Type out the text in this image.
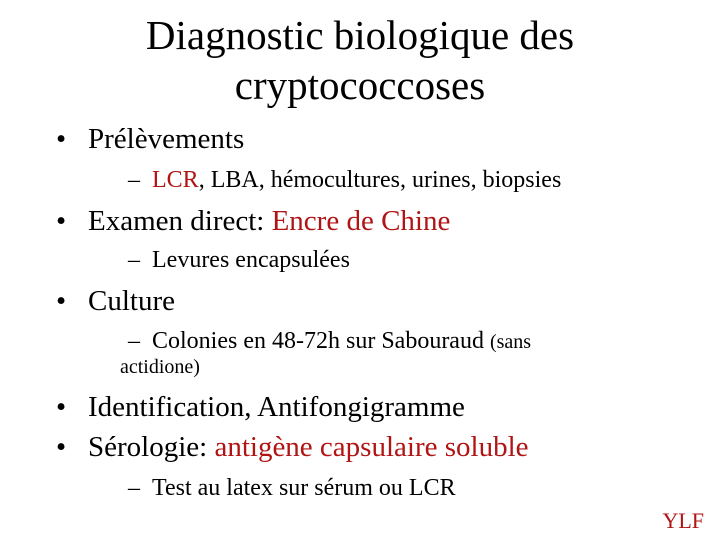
Diagnostic biologique des
cryptococcoses
• Prélèvements
– LCR, LBA, hémocultures, urines, biopsies
• Examen direct: Encre de Chine
– Levures encapsulées
• Culture
– Colonies en 48-72h sur Sabouraud (sans
actidione)
• Identification, Antifongigramme
• Sérologie: antigène capsulaire soluble
– Test au latex sur sérum ou LCR
YLF
